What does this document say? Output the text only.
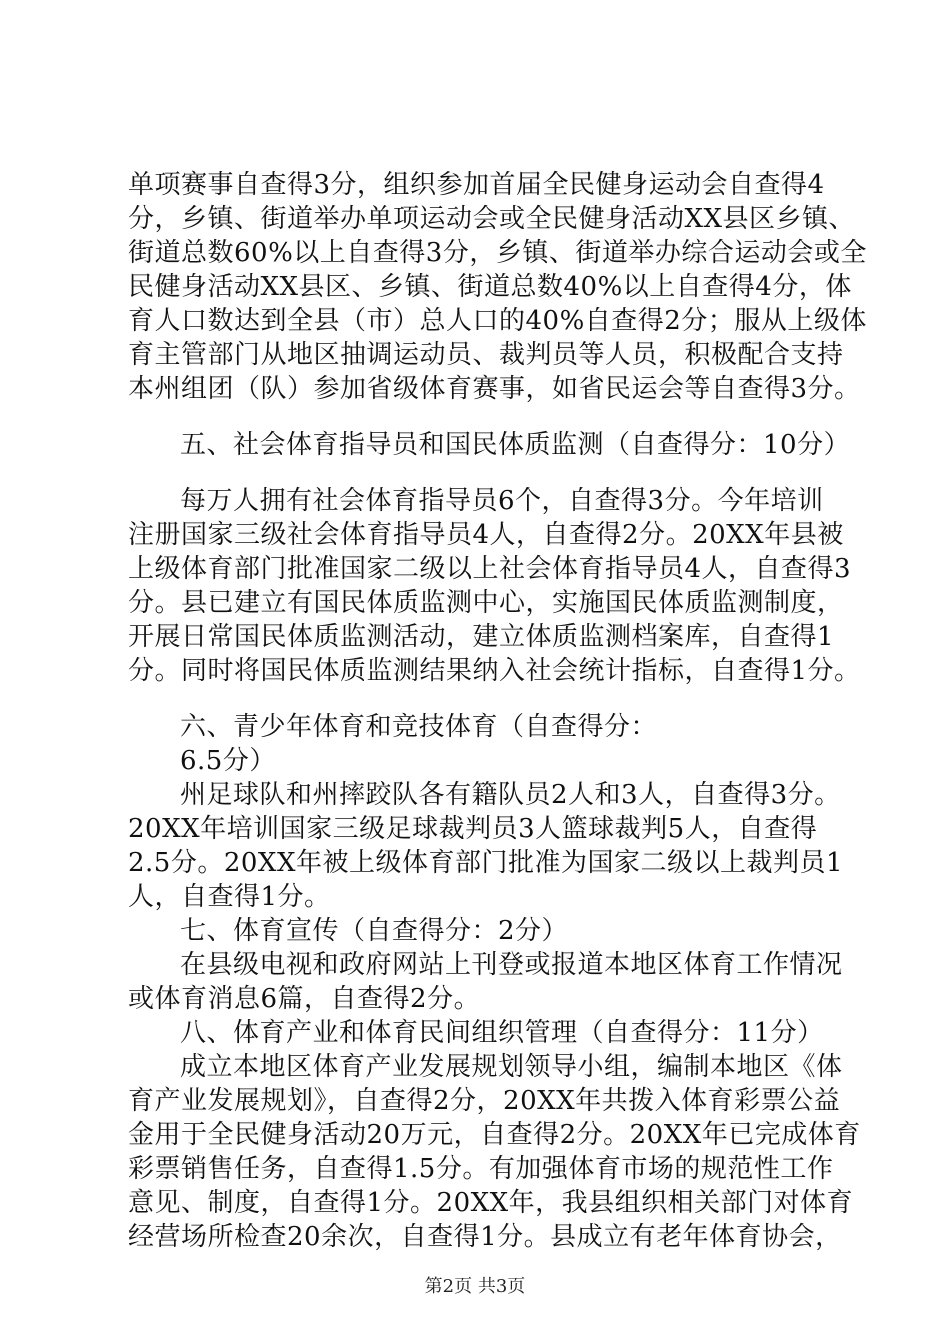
单项赛事自查得3分，组织参加首届全民健身运动会自查得4

分，乡镇、街道举办单项运动会或全民健身活动XX县区乡镇、

街道总数60%以上自查得3分，乡镇、街道举办综合运动会或全

民健身活动XX县区、乡镇、街道总数40%以上自查得4分，体

育人口数达到全县（市）总人口的40%自查得2分；服从上级体

育主管部门从地区抽调运动员、裁判员等人员，积极配合支持

本州组团（队）参加省级体育赛事，如省民运会等自查得3分。

五、社会体育指导员和国民体质监测（自查得分：10分）

每万人拥有社会体育指导员6个，自查得3分。今年培训

注册国家三级社会体育指导员4人，自查得2分。20XX年县被

上级体育部门批准国家二级以上社会体育指导员4人，自查得3

分。县已建立有国民体质监测中心，实施国民体质监测制度，

开展日常国民体质监测活动，建立体质监测档案库，自查得1

分。同时将国民体质监测结果纳入社会统计指标，自查得1分。

六、青少年体育和竞技体育（自查得分：

6.5分）

州足球队和州摔跤队各有籍队员2人和3人，自查得3分。

20XX年培训国家三级足球裁判员3人篮球裁判5人，自查得

2.5分。20XX年被上级体育部门批准为国家二级以上裁判员1

人，自查得1分。

七、体育宣传（自查得分：2分）

在县级电视和政府网站上刊登或报道本地区体育工作情况

或体育消息6篇，自查得2分。

八、体育产业和体育民间组织管理（自查得分：11分）

成立本地区体育产业发展规划领导小组，编制本地区《体

育产业发展规划》，自查得2分，20XX年共拨入体育彩票公益

金用于全民健身活动20万元，自查得2分。20XX年已完成体育

彩票销售任务，自查得1.5分。有加强体育市场的规范性工作

意见、制度，自查得1分。20XX年，我县组织相关部门对体育

经营场所检查20余次，自查得1分。县成立有老年体育协会，

第2页 共3页
